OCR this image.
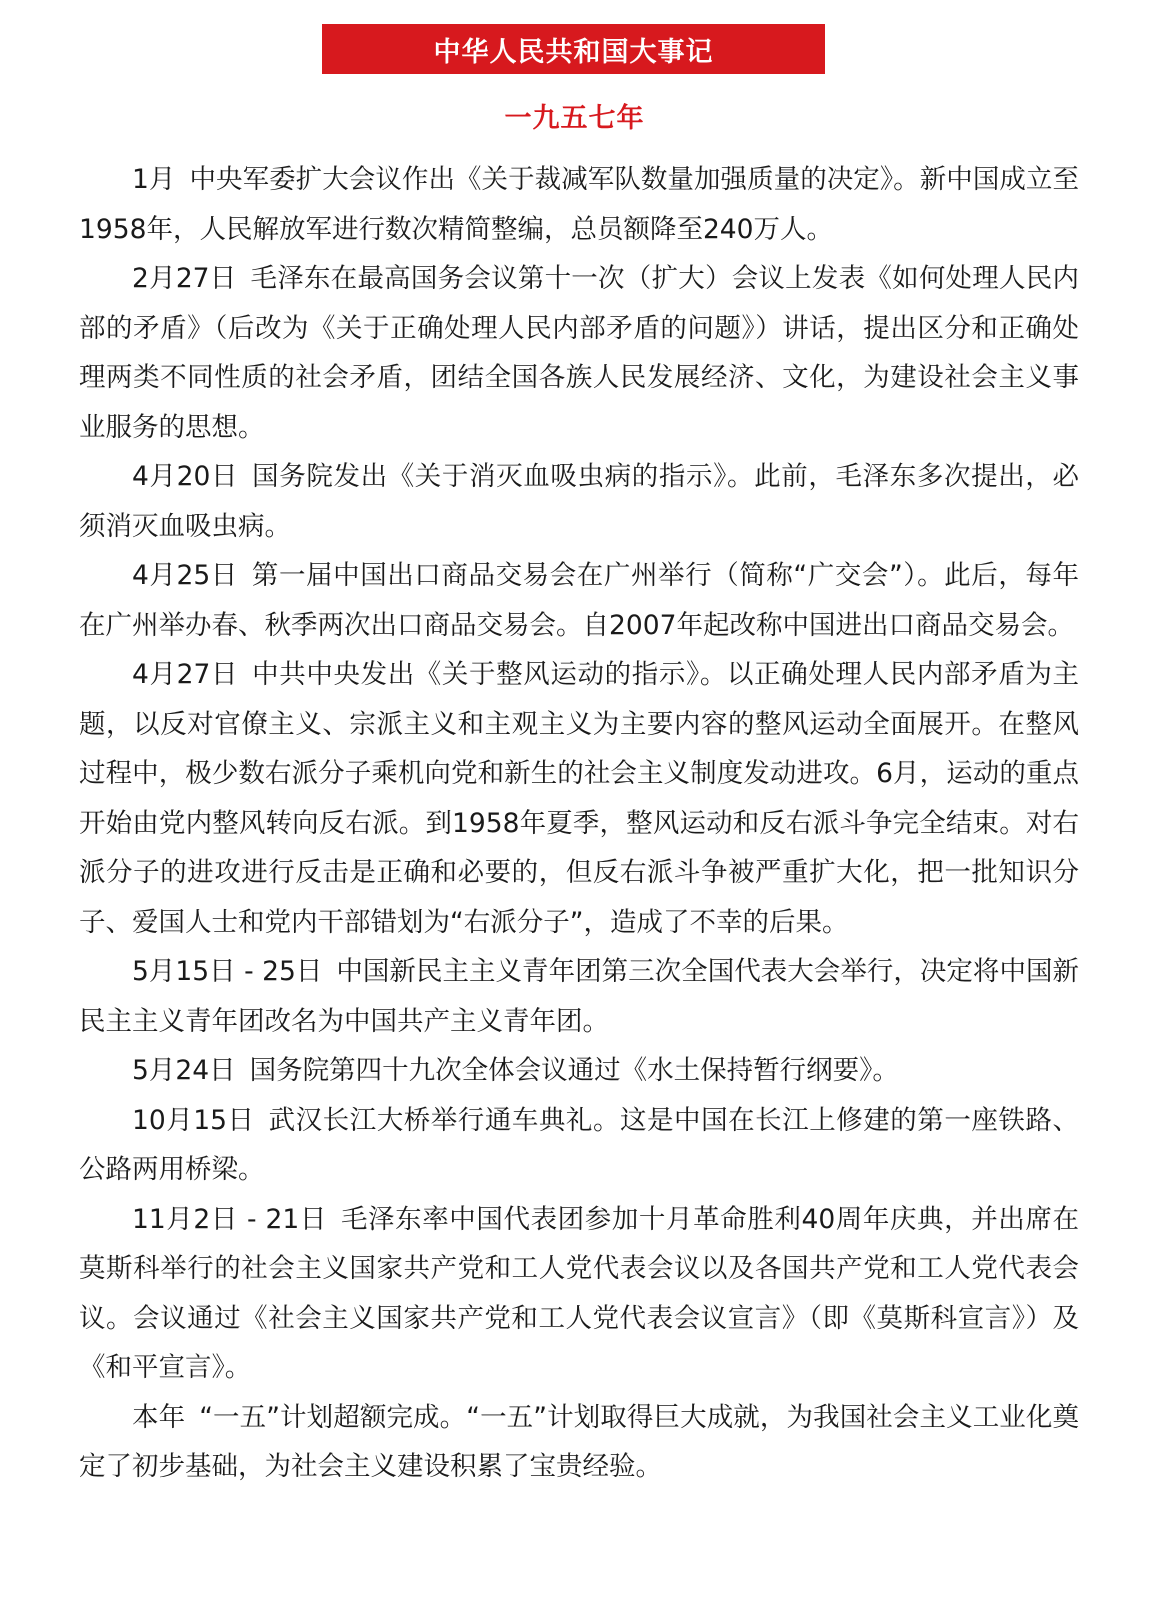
中华人民共和国大事记
一九五七年

1月 中央军委扩大会议作出《关于裁减军队数量加强质量的决定》。新中国成立至1958年，人民解放军进行数次精简整编，总员额降至240万人。

2月27日 毛泽东在最高国务会议第十一次（扩大）会议上发表《如何处理人民内部的矛盾》（后改为《关于正确处理人民内部矛盾的问题》）讲话，提出区分和正确处理两类不同性质的社会矛盾，团结全国各族人民发展经济、文化，为建设社会主义事业服务的思想。

4月20日 国务院发出《关于消灭血吸虫病的指示》。此前，毛泽东多次提出，必须消灭血吸虫病。

4月25日 第一届中国出口商品交易会在广州举行（简称“广交会”）。此后，每年在广州举办春、秋季两次出口商品交易会。自2007年起改称中国进出口商品交易会。

4月27日 中共中央发出《关于整风运动的指示》。以正确处理人民内部矛盾为主题，以反对官僚主义、宗派主义和主观主义为主要内容的整风运动全面展开。在整风过程中，极少数右派分子乘机向党和新生的社会主义制度发动进攻。6月，运动的重点开始由党内整风转向反右派。到1958年夏季，整风运动和反右派斗争完全结束。对右派分子的进攻进行反击是正确和必要的，但反右派斗争被严重扩大化，把一批知识分子、爱国人士和党内干部错划为“右派分子”，造成了不幸的后果。

5月15日 - 25日 中国新民主主义青年团第三次全国代表大会举行，决定将中国新民主主义青年团改名为中国共产主义青年团。

5月24日 国务院第四十九次全体会议通过《水土保持暂行纲要》。

10月15日 武汉长江大桥举行通车典礼。这是中国在长江上修建的第一座铁路、公路两用桥梁。

11月2日 - 21日 毛泽东率中国代表团参加十月革命胜利40周年庆典，并出席在莫斯科举行的社会主义国家共产党和工人党代表会议以及各国共产党和工人党代表会议。会议通过《社会主义国家共产党和工人党代表会议宣言》（即《莫斯科宣言》）及《和平宣言》。

本年 “一五”计划超额完成。“一五”计划取得巨大成就，为我国社会主义工业化奠定了初步基础，为社会主义建设积累了宝贵经验。
